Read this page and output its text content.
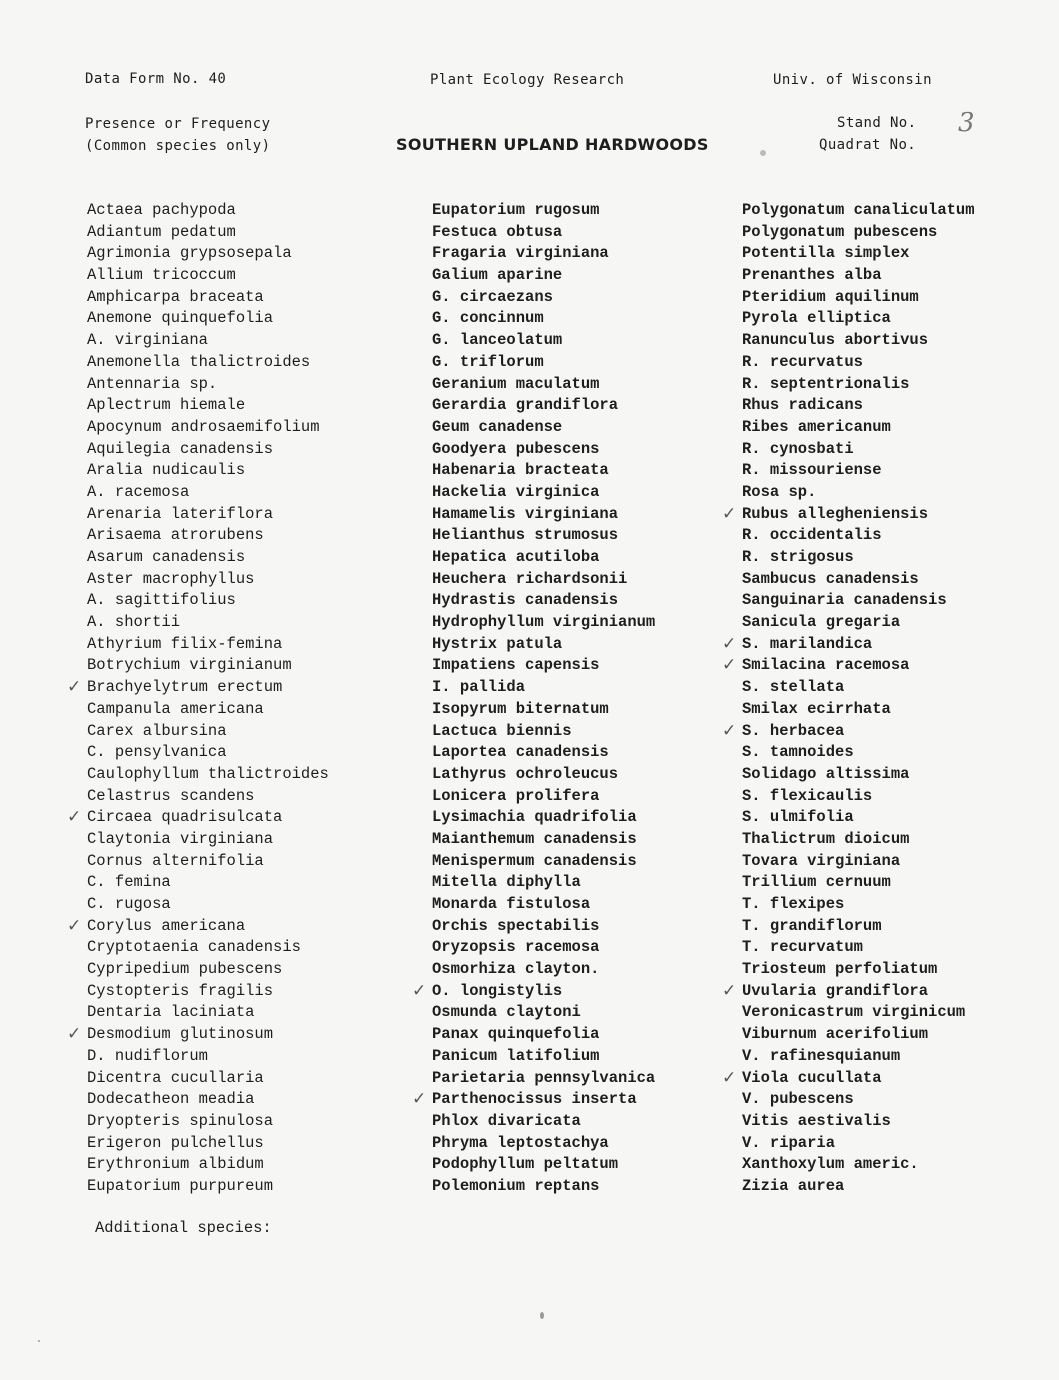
Data Form No. 40	Plant Ecology Research	Univ. of Wisconsin
Presence or Frequency
(Common species only)	SOUTHERN UPLAND HARDWOODS
Stand No.
Quadrat No.
3
Actaea pachypoda
Adiantum pedatum
Agrimonia grypsosepala
Allium tricoccum
Amphicarpa braceata
Anemone quinquefolia
A. virginiana
Anemonella thalictroides
Antennaria sp.
Aplectrum hiemale
Apocynum androsaemifolium
Aquilegia canadensis
Aralia nudicaulis
A. racemosa
Arenaria lateriflora
Arisaema atrorubens
Asarum canadensis
Aster macrophyllus
A. sagittifolius
A. shortii
Athyrium filix-femina
Botrychium virginianum
✓ Brachyelytrum erectum
Campanula americana
Carex albursina
C. pensylvanica
Caulophyllum thalictroides
Celastrus scandens
✓ Circaea quadrisulcata
Claytonia virginiana
Cornus alternifolia
C. femina
C. rugosa
✓ Corylus americana
Cryptotaenia canadensis
Cypripedium pubescens
Cystopteris fragilis
Dentaria laciniata
✓ Desmodium glutinosum
D. nudiflorum
Dicentra cucullaria
Dodecatheon meadia
Dryopteris spinulosa
Erigeron pulchellus
Erythronium albidum
Eupatorium purpureum
Eupatorium rugosum
Festuca obtusa
Fragaria virginiana
Galium aparine
G. circaezans
G. concinnum
G. lanceolatum
G. triflorum
Geranium maculatum
Gerardia grandiflora
Geum canadense
Goodyera pubescens
Habenaria bracteata
Hackelia virginica
Hamamelis virginiana
Helianthus strumosus
Hepatica acutiloba
Heuchera richardsonii
Hydrastis canadensis
Hydrophyllum virginianum
Hystrix patula
Impatiens capensis
I. pallida
Isopyrum biternatum
Lactuca biennis
Laportea canadensis
Lathyrus ochroleucus
Lonicera prolifera
Lysimachia quadrifolia
Maianthemum canadensis
Menispermum canadensis
Mitella diphylla
Monarda fistulosa
Orchis spectabilis
Oryzopsis racemosa
Osmorhiza clayton.
✓ O. longistylis
Osmunda claytoni
Panax quinquefolia
Panicum latifolium
Parietaria pennsylvanica
✓ Parthenocissus inserta
Phlox divaricata
Phryma leptostachya
Podophyllum peltatum
Polemonium reptans
Polygonatum canaliculatum
Polygonatum pubescens
Potentilla simplex
Prenanthes alba
Pteridium aquilinum
Pyrola elliptica
Ranunculus abortivus
R. recurvatus
R. septentrionalis
Rhus radicans
Ribes americanum
R. cynosbati
R. missouriense
Rosa sp.
✓ Rubus allegheniensis
R. occidentalis
R. strigosus
Sambucus canadensis
Sanguinaria canadensis
Sanicula gregaria
✓ S. marilandica
✓ Smilacina racemosa
S. stellata
Smilax ecirrhata
✓ S. herbacea
S. tamnoides
Solidago altissima
S. flexicaulis
S. ulmifolia
Thalictrum dioicum
Tovara virginiana
Trillium cernuum
T. flexipes
T. grandiflorum
T. recurvatum
Triosteum perfoliatum
✓ Uvularia grandiflora
Veronicastrum virginicum
Viburnum acerifolium
V. rafinesquianum
✓ Viola cucullata
V. pubescens
Vitis aestivalis
V. riparia
Xanthoxylum americ.
Zizia aurea
Additional species:
